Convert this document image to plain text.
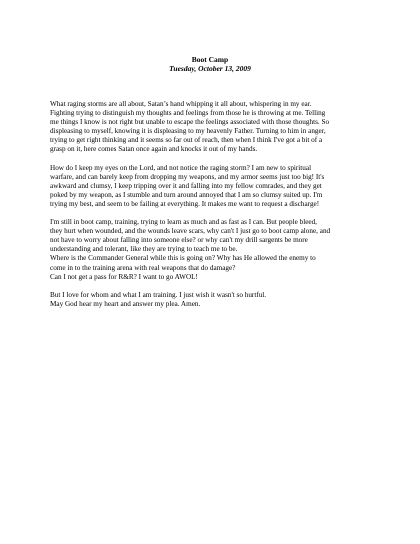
Boot Camp

Tuesday, October 13, 2009

What raging storms are all about, Satan’s hand whipping it all about, whispering in my ear.
Fighting trying to distinguish my thoughts and feelings from those he is throwing at me. Telling
me things I know is not right but unable to escape the feelings associated with those thoughts. So
displeasing to myself, knowing it is displeasing to my heavenly Father. Turning to him in anger,
trying to get right thinking and it seems so far out of reach, then when I think I've got a bit of a
grasp on it, here comes Satan once again and knocks it out of my hands.

How do I keep my eyes on the Lord, and not notice the raging storm? I am new to spiritual
warfare, and can barely keep from dropping my weapons, and my armor seems just too big! It's
awkward and clumsy, I keep tripping over it and falling into my fellow comrades, and they get
poked by my weapon, as I stumble and turn around annoyed that I am so clumsy suited up. I'm
trying my best, and seem to be failing at everything. It makes me want to request a discharge!

I'm still in boot camp, training, trying to learn as much and as fast as I can. But people bleed,
they hurt when wounded, and the wounds leave scars, why can't I just go to boot camp alone, and
not have to worry about falling into someone else? or why can't my drill sargents be more
understanding and tolerant, like they are trying to teach me to be.
Where is the Commander General while this is going on? Why has He allowed the enemy to
come in to the training arena with real weapons that do damage?
Can I not get a pass for R&R? I want to go AWOL!

But I love for whom and what I am training. I just wish it wasn't so hurtful.
May God hear my heart and answer my plea. Amen.
